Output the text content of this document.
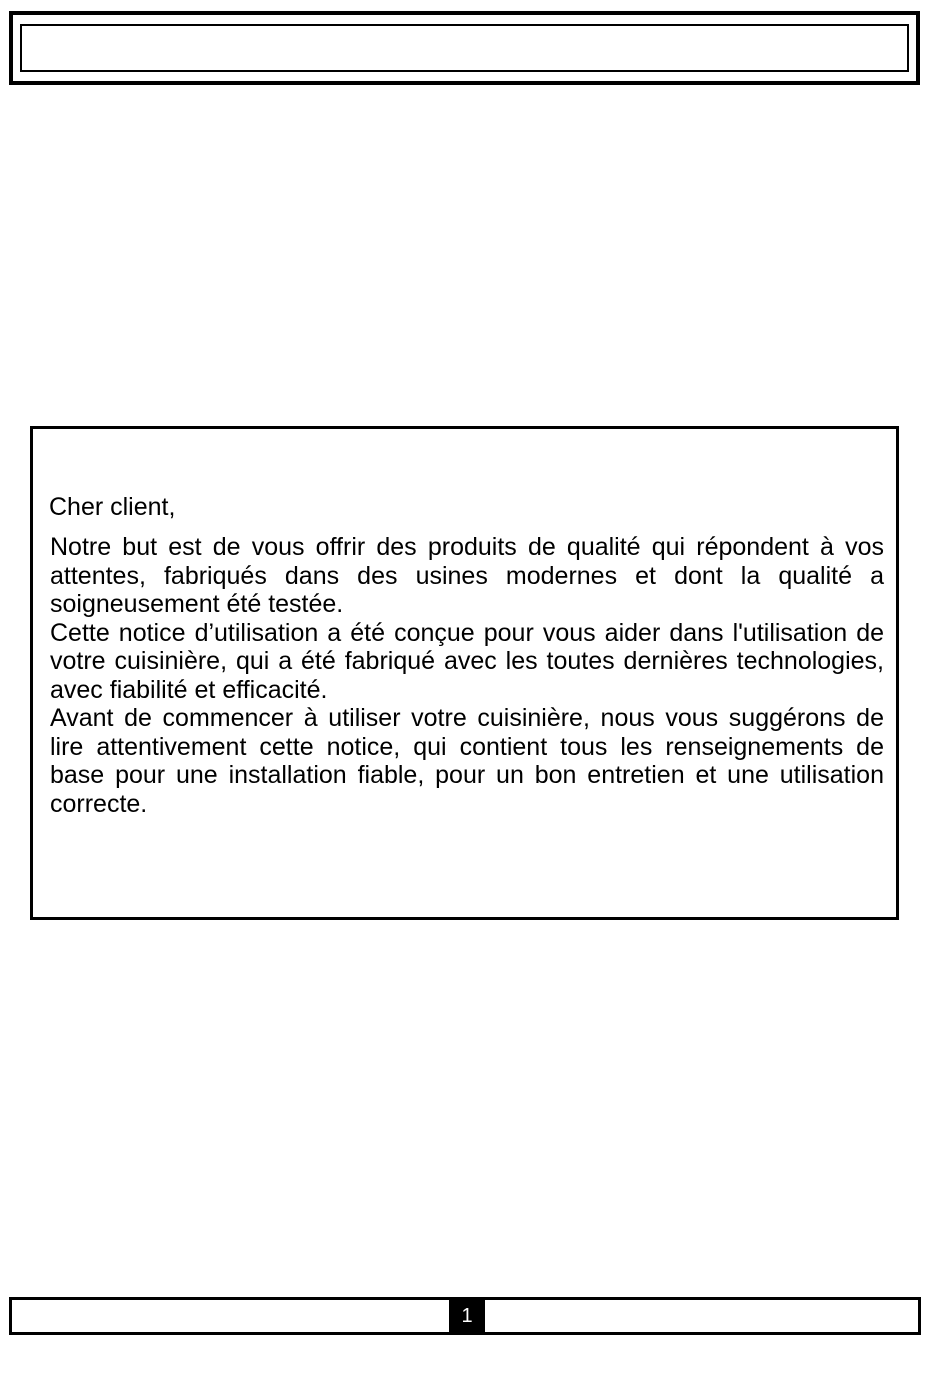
Cher client,

Notre but est de vous offrir des produits de qualité qui répondent à vos attentes, fabriqués dans des usines modernes et dont la qualité a soigneusement été testée.

Cette notice d’utilisation a été conçue pour vous aider dans l'utilisation de votre cuisinière, qui a été fabriqué avec les toutes dernières technologies, avec fiabilité et efficacité.

Avant de commencer à utiliser votre cuisinière, nous vous suggérons de lire attentivement cette notice, qui contient tous les renseignements de base pour une installation fiable, pour un bon entretien et une utilisation correcte.

1
